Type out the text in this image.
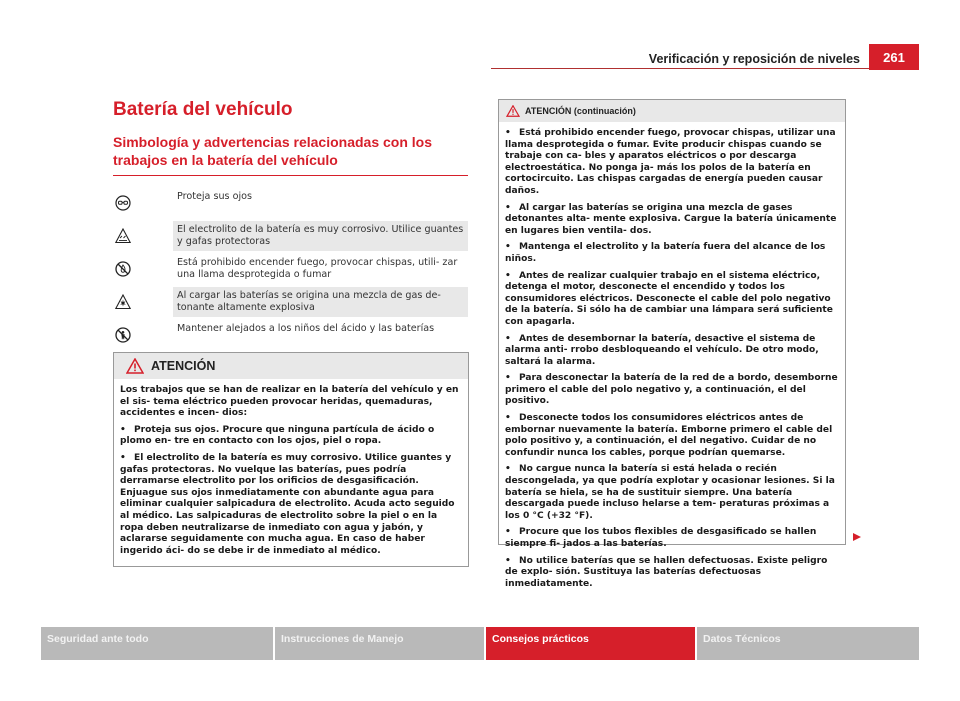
Verificación y reposición de niveles	261
Batería del vehículo
Simbología y advertencias relacionadas con los trabajos en la batería del vehículo
Proteja sus ojos
El electrolito de la batería es muy corrosivo. Utilice guantes y gafas protectoras
Está prohibido encender fuego, provocar chispas, utili- zar una llama desprotegida o fumar
Al cargar las baterías se origina una mezcla de gas de- tonante altamente explosiva
Mantener alejados a los niños del ácido y las baterías
ATENCIÓN

Los trabajos que se han de realizar en la batería del vehículo y en el sis- tema eléctrico pueden provocar heridas, quemaduras, accidentes e incen- dios:

• Proteja sus ojos. Procure que ninguna partícula de ácido o plomo en- tre en contacto con los ojos, piel o ropa.

• El electrolito de la batería es muy corrosivo. Utilice guantes y gafas protectoras. No vuelque las baterías, pues podría derramarse electrolito por los orificios de desgasificación. Enjuague sus ojos inmediatamente con abundante agua para eliminar cualquier salpicadura de electrolito. Acuda acto seguido al médico. Las salpicaduras de electrolito sobre la piel o en la ropa deben neutralizarse de inmediato con agua y jabón, y aclararse seguidamente con mucha agua. En caso de haber ingerido áci- do se debe ir de inmediato al médico.

ATENCIÓN (continuación)

• Está prohibido encender fuego, provocar chispas, utilizar una llama desprotegida o fumar. Evite producir chispas cuando se trabaje con ca- bles y aparatos eléctricos o por descarga electroestática. No ponga ja- más los polos de la batería en cortocircuito. Las chispas cargadas de energía pueden causar daños.

• Al cargar las baterías se origina una mezcla de gases detonantes alta- mente explosiva. Cargue la batería únicamente en lugares bien ventila- dos.

• Mantenga el electrolito y la batería fuera del alcance de los niños.

• Antes de realizar cualquier trabajo en el sistema eléctrico, detenga el motor, desconecte el encendido y todos los consumidores eléctricos. Desconecte el cable del polo negativo de la batería. Si sólo ha de cambiar una lámpara será suficiente con apagarla.

• Antes de desembornar la batería, desactive el sistema de alarma anti- rrobo desbloqueando el vehículo. De otro modo, saltará la alarma.

• Para desconectar la batería de la red de a bordo, desemborne primero el cable del polo negativo y, a continuación, el del positivo.

• Desconecte todos los consumidores eléctricos antes de embornar nuevamente la batería. Emborne primero el cable del polo positivo y, a continuación, el del negativo. Cuidar de no confundir nunca los cables, porque podrían quemarse.

• No cargue nunca la batería si está helada o recién descongelada, ya que podría explotar y ocasionar lesiones. Si la batería se hiela, se ha de sustituir siempre. Una batería descargada puede incluso helarse a tem- peraturas próximas a los 0 °C (+32 °F).

• Procure que los tubos flexibles de desgasificado se hallen siempre fi- jados a las baterías.

• No utilice baterías que se hallen defectuosas. Existe peligro de explo- sión. Sustituya las baterías defectuosas inmediatamente.

Seguridad ante todo	Instrucciones de Manejo	Consejos prácticos	Datos Técnicos
